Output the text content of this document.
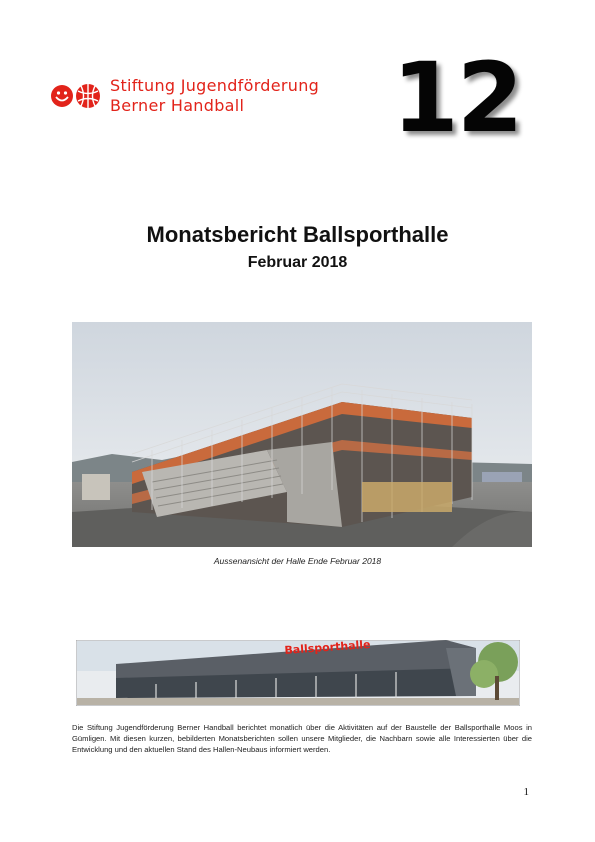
Stiftung Jugendförderung
Berner Handball	12
Monatsbericht Ballsporthalle
Februar 2018
Aussenansicht der Halle Ende Februar 2018
Ballsporthalle
Die Stiftung Jugendförderung Berner Handball berichtet monatlich über die Aktivitäten auf der Baustelle der Ballsporthalle Moos in Gümligen. Mit diesen kurzen, bebilderten Monatsberichten sollen unsere Mitglieder, die Nachbarn sowie alle Interessierten über die Entwicklung und den aktuellen Stand des Hallen-Neubaus informiert werden.
1
